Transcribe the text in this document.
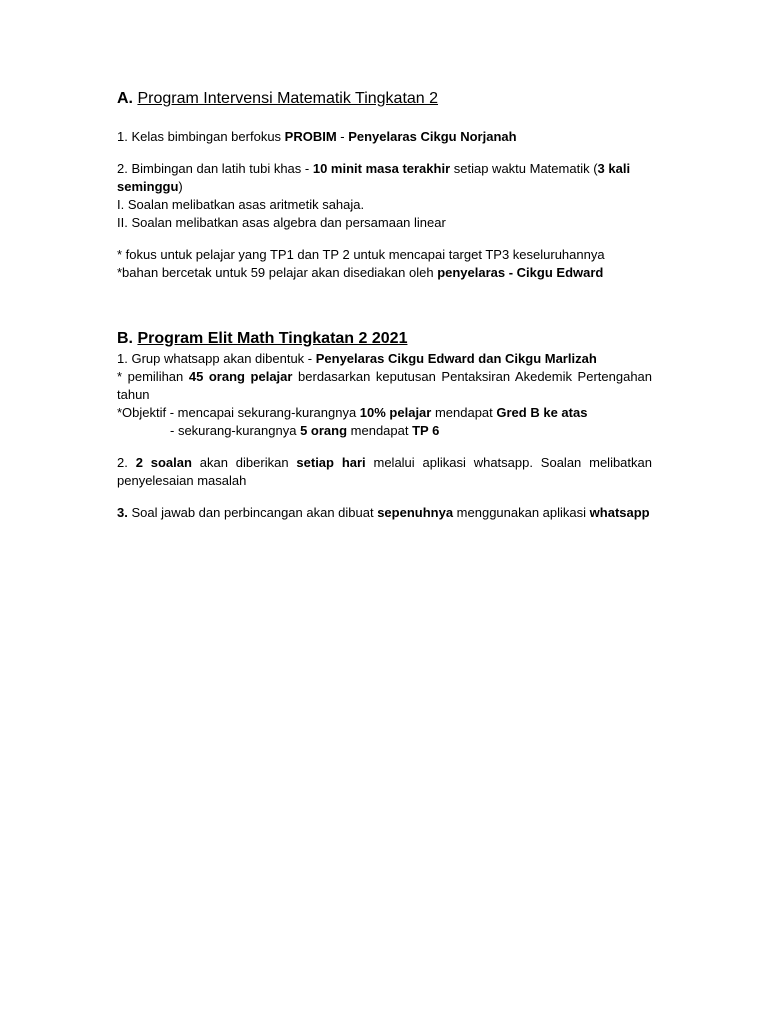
A. Program Intervensi Matematik Tingkatan 2

1. Kelas bimbingan berfokus PROBIM - Penyelaras Cikgu Norjanah

2. Bimbingan dan latih tubi khas - 10 minit masa terakhir setiap waktu Matematik (3 kali seminggu)

I. Soalan melibatkan asas aritmetik sahaja.

II. Soalan melibatkan asas algebra dan persamaan linear

* fokus untuk pelajar yang TP1 dan TP 2 untuk mencapai target TP3 keseluruhannya

*bahan bercetak untuk 59 pelajar akan disediakan oleh penyelaras - Cikgu Edward

B. Program Elit Math Tingkatan 2 2021

1. Grup whatsapp akan dibentuk - Penyelaras Cikgu Edward dan Cikgu Marlizah

* pemilihan 45 orang pelajar berdasarkan keputusan Pentaksiran Akedemik Pertengahan tahun

*Objektif - mencapai sekurang-kurangnya 10% pelajar mendapat Gred B ke atas

- sekurang-kurangnya 5 orang mendapat TP 6

2. 2 soalan akan diberikan setiap hari melalui aplikasi whatsapp. Soalan melibatkan penyelesaian masalah

3. Soal jawab dan perbincangan akan dibuat sepenuhnya menggunakan aplikasi whatsapp
